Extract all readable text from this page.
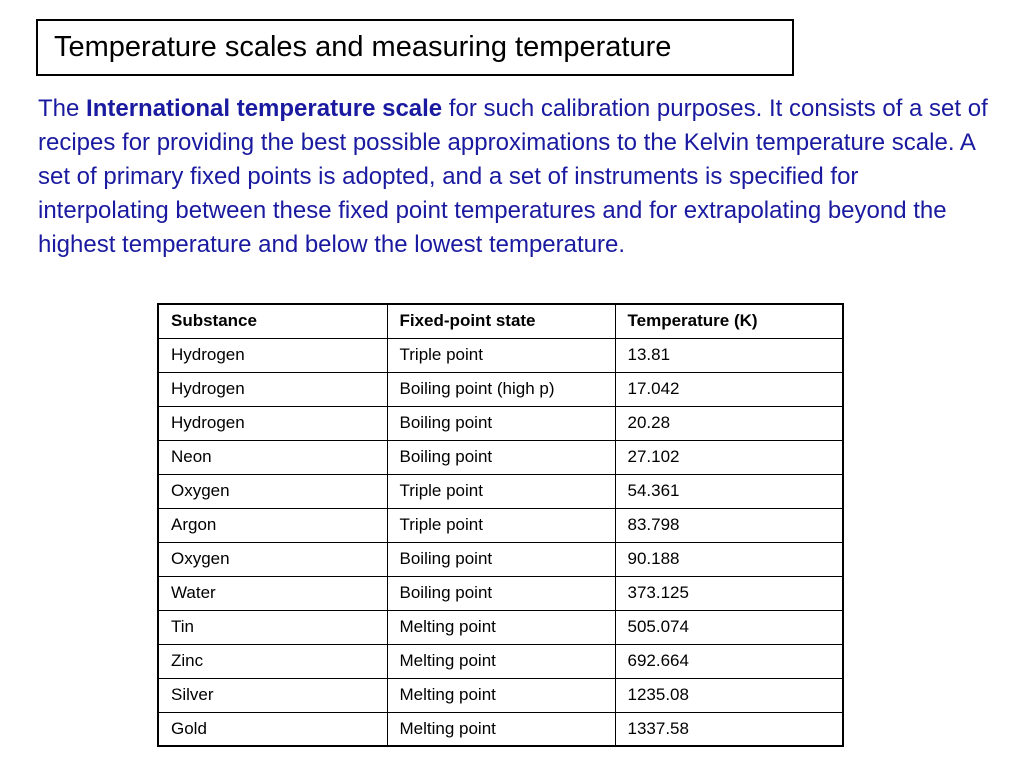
Temperature scales and measuring temperature

The International temperature scale for such calibration purposes. It consists of a set of recipes for providing the best possible approximations to the Kelvin temperature scale. A set of primary fixed points is adopted, and a set of instruments is specified for interpolating between these fixed point temperatures and for extrapolating beyond the highest temperature and below the lowest temperature.

Substance	Fixed-point state	Temperature (K)
Hydrogen	Triple point	13.81
Hydrogen	Boiling point (high p)	17.042
Hydrogen	Boiling point	20.28
Neon	Boiling point	27.102
Oxygen	Triple point	54.361
Argon	Triple point	83.798
Oxygen	Boiling point	90.188
Water	Boiling point	373.125
Tin	Melting point	505.074
Zinc	Melting point	692.664
Silver	Melting point	1235.08
Gold	Melting point	1337.58
